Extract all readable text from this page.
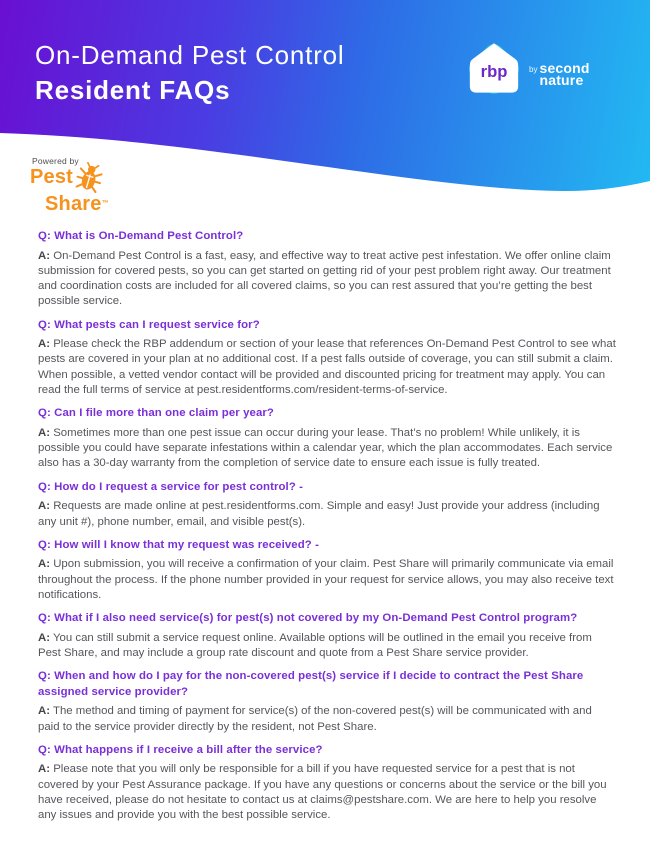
On-Demand Pest Control
Resident FAQs
rbp	by second
nature
Powered by
Pest
Share™
Q: What is On-Demand Pest Control?

A: On-Demand Pest Control is a fast, easy, and effective way to treat active pest infestation. We offer online claim submission for covered pests, so you can get started on getting rid of your pest problem right away. Our treatment and coordination costs are included for all covered claims, so you can rest assured that you’re getting the best possible service.

Q: What pests can I request service for?

A: Please check the RBP addendum or section of your lease that references On-Demand Pest Control to see what pests are covered in your plan at no additional cost. If a pest falls outside of coverage, you can still submit a claim. When possible, a vetted vendor contact will be provided and discounted pricing for treatment may apply. You can read the full terms of service at pest.residentforms.com/resident-terms-of-service.

Q: Can I file more than one claim per year?

A: Sometimes more than one pest issue can occur during your lease. That’s no problem! While unlikely, it is possible you could have separate infestations within a calendar year, which the plan accommodates. Each service also has a 30-day warranty from the completion of service date to ensure each issue is fully treated.

Q: How do I request a service for pest control? -

A: Requests are made online at pest.residentforms.com. Simple and easy! Just provide your address (including any unit #), phone number, email, and visible pest(s).

Q: How will I know that my request was received? -

A: Upon submission, you will receive a confirmation of your claim. Pest Share will primarily communicate via email throughout the process. If the phone number provided in your request for service allows, you may also receive text notifications.

Q: What if I also need service(s) for pest(s) not covered by my On-Demand Pest Control program?

A: You can still submit a service request online. Available options will be outlined in the email you receive from Pest Share, and may include a group rate discount and quote from a Pest Share service provider.

Q: When and how do I pay for the non-covered pest(s) service if I decide to contract the Pest Share assigned service provider?

A: The method and timing of payment for service(s) of the non-covered pest(s) will be communicated with and paid to the service provider directly by the resident, not Pest Share.

Q: What happens if I receive a bill after the service?

A: Please note that you will only be responsible for a bill if you have requested service for a pest that is not covered by your Pest Assurance package. If you have any questions or concerns about the service or the bill you have received, please do not hesitate to contact us at claims@pestshare.com. We are here to help you resolve any issues and provide you with the best possible service.
